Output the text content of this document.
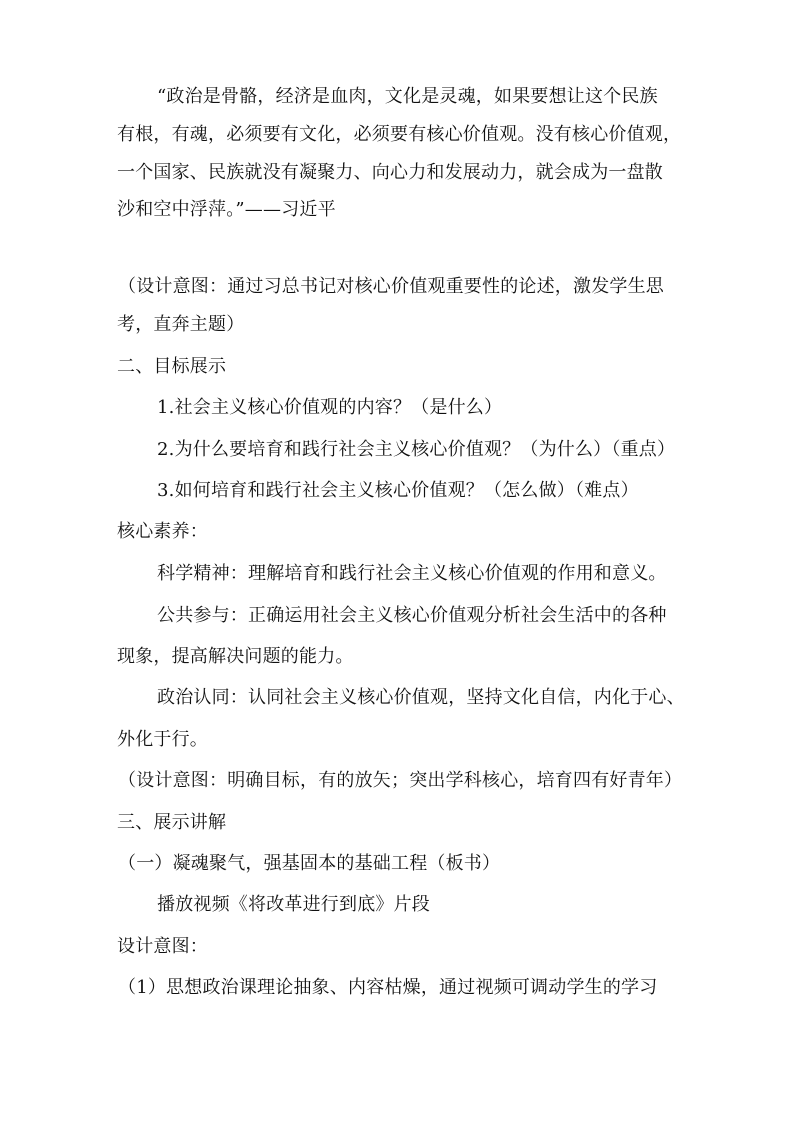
“政治是骨骼，经济是血肉，文化是灵魂，如果要想让这个民族
有根，有魂，必须要有文化，必须要有核心价值观。没有核心价值观，
一个国家、民族就没有凝聚力、向心力和发展动力，就会成为一盘散
沙和空中浮萍。”——习近平
（设计意图：通过习总书记对核心价值观重要性的论述，激发学生思
考，直奔主题）
二、目标展示
1.社会主义核心价值观的内容？（是什么）
2.为什么要培育和践行社会主义核心价值观？（为什么）（重点）
3.如何培育和践行社会主义核心价值观？（怎么做）（难点）
核心素养：
科学精神：理解培育和践行社会主义核心价值观的作用和意义。
公共参与：正确运用社会主义核心价值观分析社会生活中的各种
现象，提高解决问题的能力。
政治认同：认同社会主义核心价值观，坚持文化自信，内化于心、
外化于行。
（设计意图：明确目标，有的放矢；突出学科核心，培育四有好青年）
三、展示讲解
（一）凝魂聚气，强基固本的基础工程（板书）
播放视频《将改革进行到底》片段
设计意图：
（1）思想政治课理论抽象、内容枯燥，通过视频可调动学生的学习
